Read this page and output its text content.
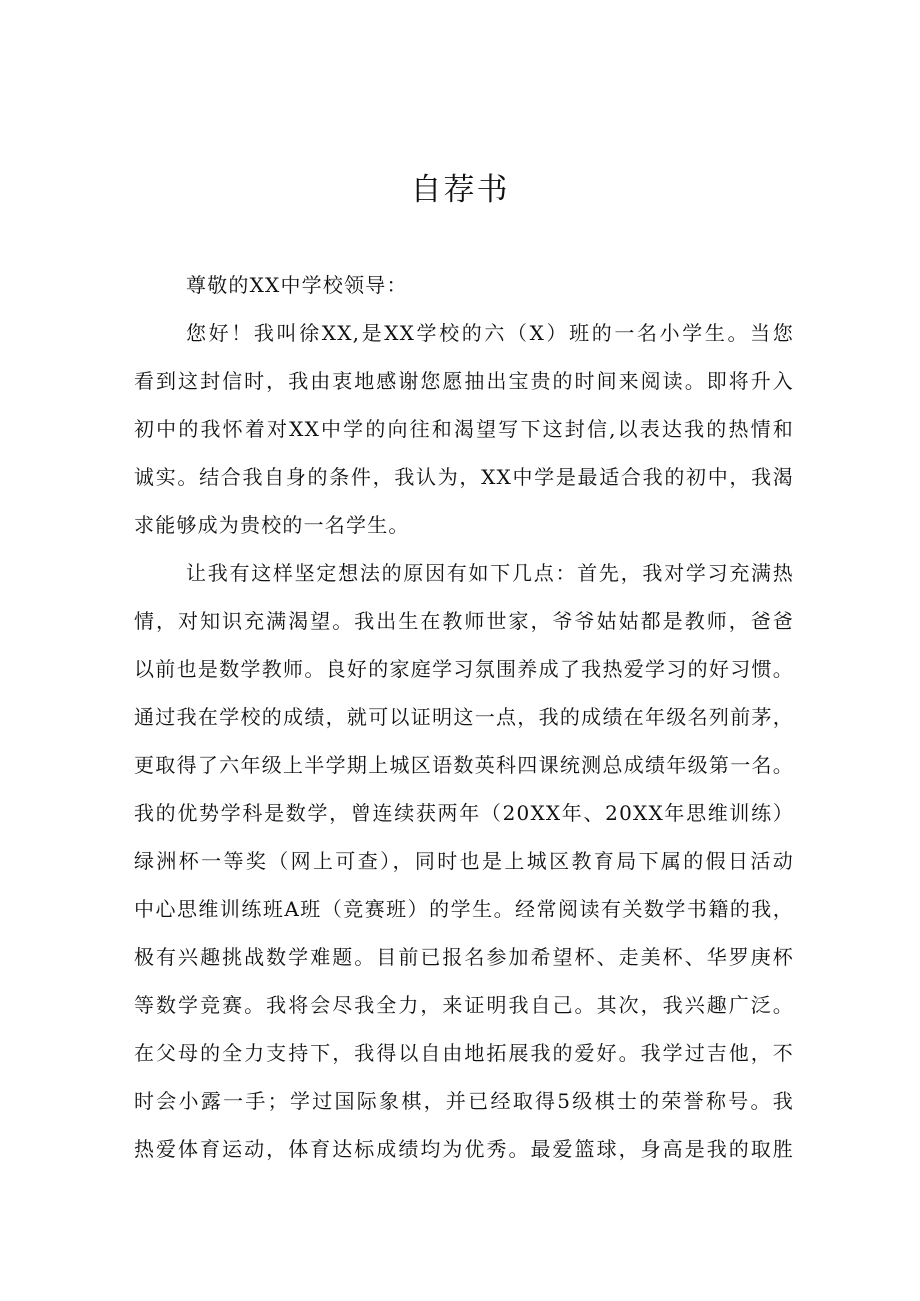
自荐书
尊敬的XX中学校领导：
您好！我叫徐XX,是XX学校的六（X）班的一名小学生。当您
看到这封信时，我由衷地感谢您愿抽出宝贵的时间来阅读。即将升入
初中的我怀着对XX中学的向往和渴望写下这封信,以表达我的热情和
诚实。结合我自身的条件，我认为，XX中学是最适合我的初中，我渴
求能够成为贵校的一名学生。
让我有这样坚定想法的原因有如下几点：首先，我对学习充满热
情，对知识充满渴望。我出生在教师世家，爷爷姑姑都是教师，爸爸
以前也是数学教师。良好的家庭学习氛围养成了我热爱学习的好习惯。
通过我在学校的成绩，就可以证明这一点，我的成绩在年级名列前茅，
更取得了六年级上半学期上城区语数英科四课统测总成绩年级第一名。
我的优势学科是数学，曾连续获两年（20XX年、20XX年思维训练）
绿洲杯一等奖（网上可查），同时也是上城区教育局下属的假日活动
中心思维训练班A班（竞赛班）的学生。经常阅读有关数学书籍的我，
极有兴趣挑战数学难题。目前已报名参加希望杯、走美杯、华罗庚杯
等数学竞赛。我将会尽我全力，来证明我自己。其次，我兴趣广泛。
在父母的全力支持下，我得以自由地拓展我的爱好。我学过吉他，不
时会小露一手；学过国际象棋，并已经取得5级棋士的荣誉称号。我
热爱体育运动，体育达标成绩均为优秀。最爱篮球，身高是我的取胜
